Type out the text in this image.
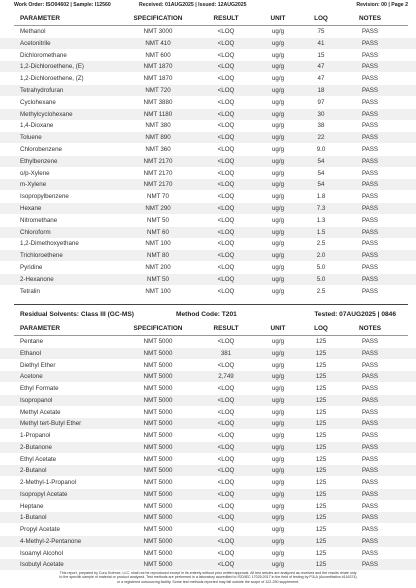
Work Order: ISO04602 | Sample: I12560	Received: 01AUG2025 | Issued: 12AUG2025	Revision: 00 | Page 2
PARAMETER	SPECIFICATION	RESULT	UNIT	LOQ	NOTES
Methanol	NMT 3000	<LOQ	ug/g	75	PASS
Acetonitrile	NMT 410	<LOQ	ug/g	41	PASS
Dichloromethane	NMT 600	<LOQ	ug/g	15	PASS
1,2-Dichloroethene, (E)	NMT 1870	<LOQ	ug/g	47	PASS
1,2-Dichloroethene, (Z)	NMT 1870	<LOQ	ug/g	47	PASS
Tetrahydrofuran	NMT 720	<LOQ	ug/g	18	PASS
Cyclohexane	NMT 3880	<LOQ	ug/g	97	PASS
Methylcyclohexane	NMT 1180	<LOQ	ug/g	30	PASS
1,4-Dioxane	NMT 380	<LOQ	ug/g	38	PASS
Toluene	NMT 890	<LOQ	ug/g	22	PASS
Chlorobenzene	NMT 360	<LOQ	ug/g	9.0	PASS
Ethylbenzene	NMT 2170	<LOQ	ug/g	54	PASS
o/p-Xylene	NMT 2170	<LOQ	ug/g	54	PASS
m-Xylene	NMT 2170	<LOQ	ug/g	54	PASS
Isopropylbenzene	NMT 70	<LOQ	ug/g	1.8	PASS
Hexane	NMT 290	<LOQ	ug/g	7.3	PASS
Nitromethane	NMT 50	<LOQ	ug/g	1.3	PASS
Chloroform	NMT 60	<LOQ	ug/g	1.5	PASS
1,2-Dimethoxyethane	NMT 100	<LOQ	ug/g	2.5	PASS
Trichloroethene	NMT 80	<LOQ	ug/g	2.0	PASS
Pyridine	NMT 200	<LOQ	ug/g	5.0	PASS
2-Hexanone	NMT 50	<LOQ	ug/g	5.0	PASS
Tetralin	NMT 100	<LOQ	ug/g	2.5	PASS
Residual Solvents: Class III (GC-MS)	Method Code: T201	Tested: 07AUG2025 | 0846
PARAMETER	SPECIFICATION	RESULT	UNIT	LOQ	NOTES
Pentane	NMT 5000	<LOQ	ug/g	125	PASS
Ethanol	NMT 5000	381	ug/g	125	PASS
Diethyl Ether	NMT 5000	<LOQ	ug/g	125	PASS
Acetone	NMT 5000	2,749	ug/g	125	PASS
Ethyl Formate	NMT 5000	<LOQ	ug/g	125	PASS
Isopropanol	NMT 5000	<LOQ	ug/g	125	PASS
Methyl Acetate	NMT 5000	<LOQ	ug/g	125	PASS
Methyl tert-Butyl Ether	NMT 5000	<LOQ	ug/g	125	PASS
1-Propanol	NMT 5000	<LOQ	ug/g	125	PASS
2-Butanone	NMT 5000	<LOQ	ug/g	125	PASS
Ethyl Acetate	NMT 5000	<LOQ	ug/g	125	PASS
2-Butanol	NMT 5000	<LOQ	ug/g	125	PASS
2-Methyl-1-Propanol	NMT 5000	<LOQ	ug/g	125	PASS
Isopropyl Acetate	NMT 5000	<LOQ	ug/g	125	PASS
Heptane	NMT 5000	<LOQ	ug/g	125	PASS
1-Butanol	NMT 5000	<LOQ	ug/g	125	PASS
Propyl Acetate	NMT 5000	<LOQ	ug/g	125	PASS
4-Methyl-2-Pentanone	NMT 5000	<LOQ	ug/g	125	PASS
Isoamyl Alcohol	NMT 5000	<LOQ	ug/g	125	PASS
Isobutyl Acetate	NMT 5000	<LOQ	ug/g	125	PASS
This report, prepared by Cora Science, LLC, shall not be reproduced except in its entirety without prior written approval. All test articles are analyzed as received and the results relate only
to the specific sample of material or product analyzed. Test methods are performed in a laboratory accredited to ISO/IEC 17025:2017 in the field of testing by PJLA (Accreditation #116374)
or a registered outsourcing facility. Some test methods reported may fall outside the scope of 122-250 supplement.
